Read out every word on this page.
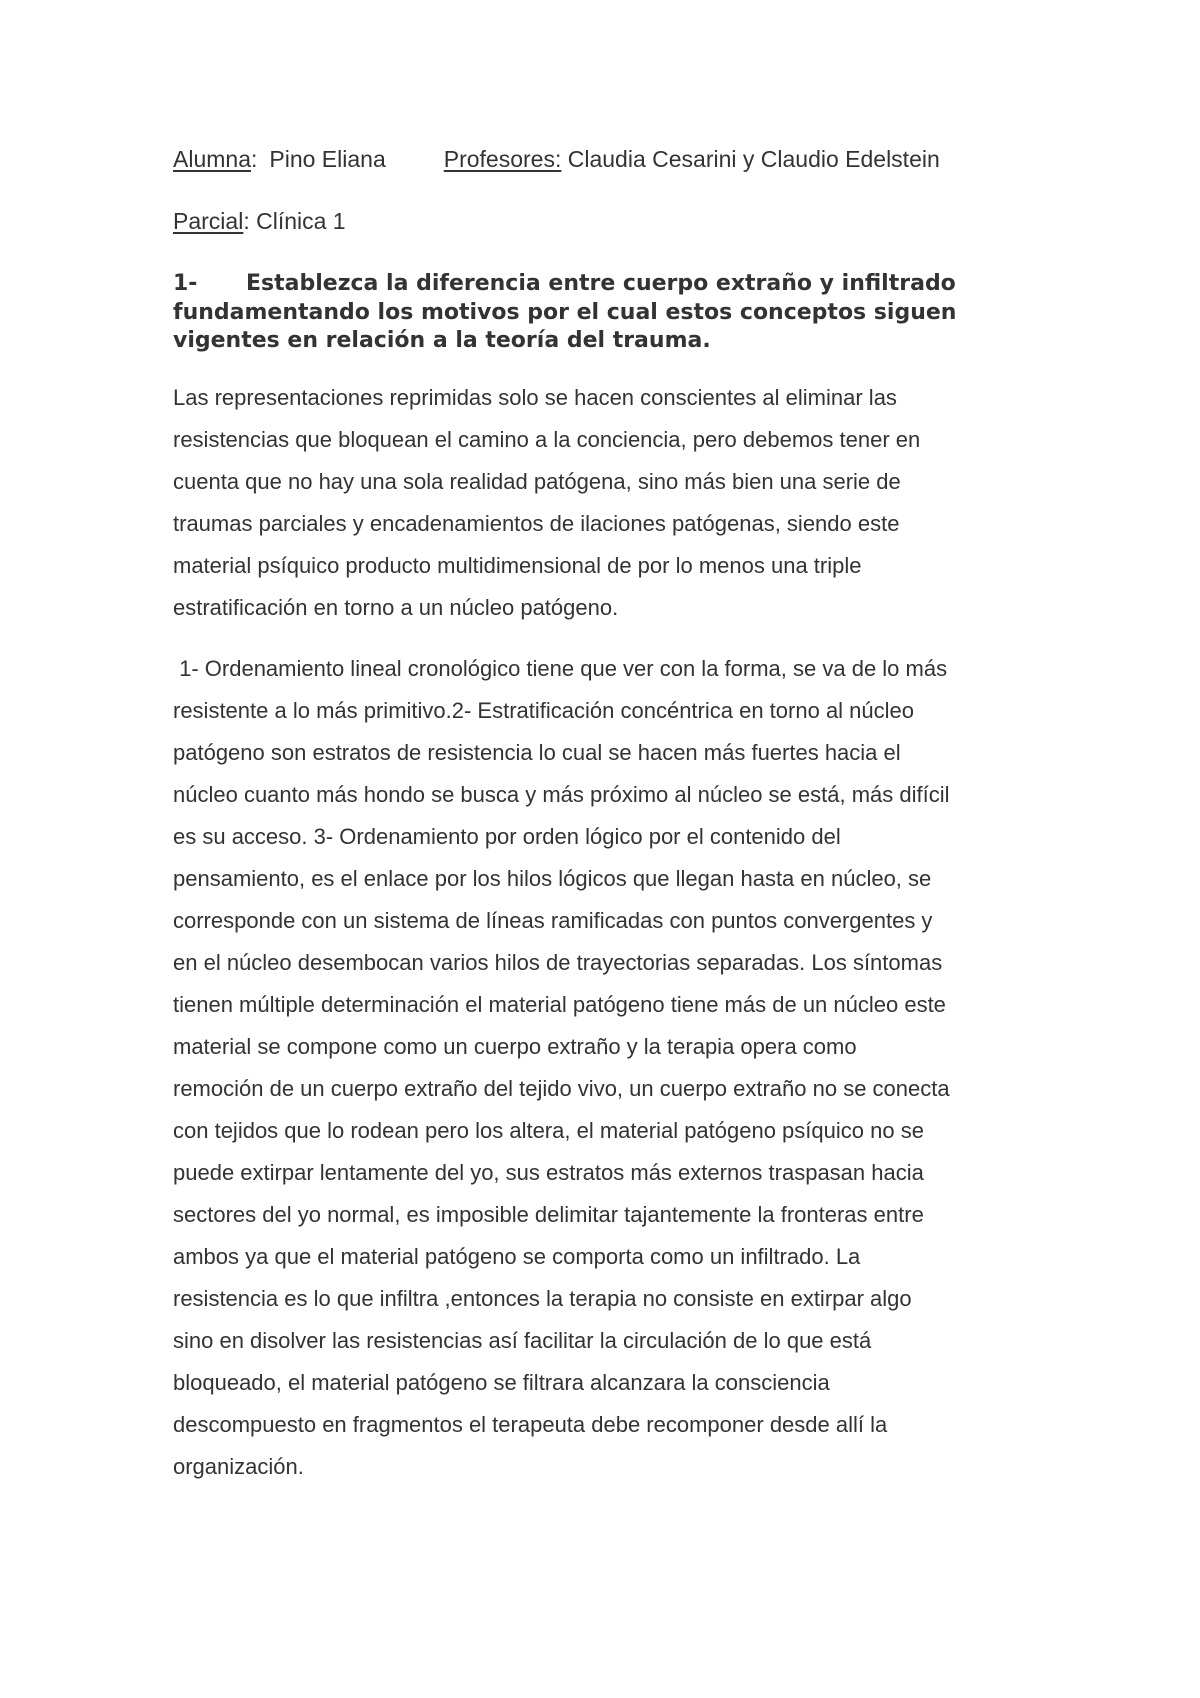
Alumna: Pino Eliana	Profesores: Claudia Cesarini y Claudio Edelstein
Parcial: Clínica 1
1- Establezca la diferencia entre cuerpo extraño y infiltrado
fundamentando los motivos por el cual estos conceptos siguen
vigentes en relación a la teoría del trauma.
Las representaciones reprimidas solo se hacen conscientes al eliminar las
resistencias que bloquean el camino a la conciencia, pero debemos tener en
cuenta que no hay una sola realidad patógena, sino más bien una serie de
traumas parciales y encadenamientos de ilaciones patógenas, siendo este
material psíquico producto multidimensional de por lo menos una triple
estratificación en torno a un núcleo patógeno.
1- Ordenamiento lineal cronológico tiene que ver con la forma, se va de lo más
resistente a lo más primitivo.2- Estratificación concéntrica en torno al núcleo
patógeno son estratos de resistencia lo cual se hacen más fuertes hacia el
núcleo cuanto más hondo se busca y más próximo al núcleo se está, más difícil
es su acceso. 3- Ordenamiento por orden lógico por el contenido del
pensamiento, es el enlace por los hilos lógicos que llegan hasta en núcleo, se
corresponde con un sistema de líneas ramificadas con puntos convergentes y
en el núcleo desembocan varios hilos de trayectorias separadas. Los síntomas
tienen múltiple determinación el material patógeno tiene más de un núcleo este
material se compone como un cuerpo extraño y la terapia opera como
remoción de un cuerpo extraño del tejido vivo, un cuerpo extraño no se conecta
con tejidos que lo rodean pero los altera, el material patógeno psíquico no se
puede extirpar lentamente del yo, sus estratos más externos traspasan hacia
sectores del yo normal, es imposible delimitar tajantemente la fronteras entre
ambos ya que el material patógeno se comporta como un infiltrado. La
resistencia es lo que infiltra ,entonces la terapia no consiste en extirpar algo
sino en disolver las resistencias así facilitar la circulación de lo que está
bloqueado, el material patógeno se filtrara alcanzara la consciencia
descompuesto en fragmentos el terapeuta debe recomponer desde allí la
organización.
